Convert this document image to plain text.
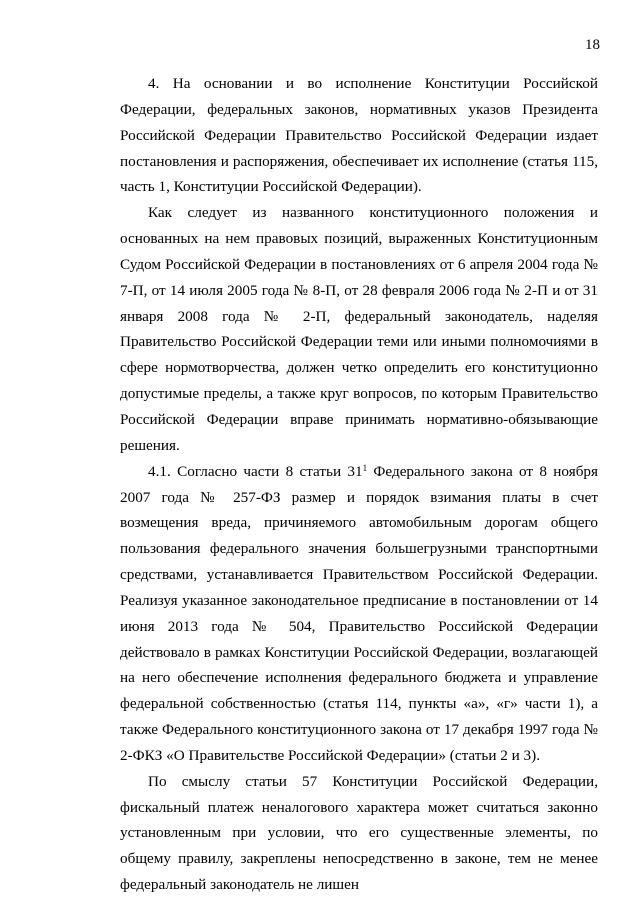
18

4. На основании и во исполнение Конституции Российской Федерации, федеральных законов, нормативных указов Президента Российской Федерации Правительство Российской Федерации издает постановления и распоряжения, обеспечивает их исполнение (статья 115, часть 1, Конституции Российской Федерации).

Как следует из названного конституционного положения и основанных на нем правовых позиций, выраженных Конституционным Судом Российской Федерации в постановлениях от 6 апреля 2004 года № 7-П, от 14 июля 2005 года № 8-П, от 28 февраля 2006 года № 2-П и от 31 января 2008 года № 2-П, федеральный законодатель, наделяя Правительство Российской Федерации теми или иными полномочиями в сфере нормотворчества, должен четко определить его конституционно допустимые пределы, а также круг вопросов, по которым Правительство Российской Федерации вправе принимать нормативно-обязывающие решения.

4.1. Согласно части 8 статьи $31^1$ Федерального закона от 8 ноября 2007 года № 257-ФЗ размер и порядок взимания платы в счет возмещения вреда, причиняемого автомобильным дорогам общего пользования федерального значения большегрузными транспортными средствами, устанавливается Правительством Российской Федерации. Реализуя указанное законодательное предписание в постановлении от 14 июня 2013 года № 504, Правительство Российской Федерации действовало в рамках Конституции Российской Федерации, возлагающей на него обеспечение исполнения федерального бюджета и управление федеральной собственностью (статья 114, пункты «а», «г» части 1), а также Федерального конституционного закона от 17 декабря 1997 года № 2-ФКЗ «О Правительстве Российской Федерации» (статьи 2 и 3).

По смыслу статьи 57 Конституции Российской Федерации, фискальный платеж неналогового характера может считаться законно установленным при условии, что его существенные элементы, по общему правилу, закреплены непосредственно в законе, тем не менее федеральный законодатель не лишен
